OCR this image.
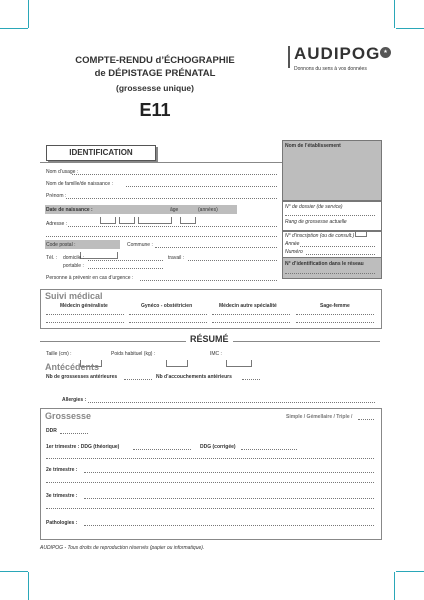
COMPTE-RENDU d’ÉCHOGRAPHIE
de DÉPISTAGE PRÉNATAL
(grossesse unique)
E11
AUDIPOG ★
Donnons du sens à vos données
IDENTIFICATION
Nom d’usage :
Nom de famille/de naissance :
Prénom :
Date de naissance :	âge	(années)
Adresse :
Code postal :	Commune :
Tél. : domicile :	travail :
portable :
Personne à prévenir en cas d’urgence :
Nom de l’établissement
N° de dossier (de service)
Rang de grossesse actuelle
N° d’inscription (ou de consult.)
Année
Numéro
N° d’identification dans le réseau
Suivi médical
Médecin généraliste	Gynéco - obstétricien	Médecin autre spécialité	Sage-femme
RÉSUMÉ
Taille (cm) :	Poids habituel (kg) :	IMC :
Antécédents
Nb de grossesses antérieures	Nb d’accouchements antérieurs
Allergies :
Grossesse	Simple / Gémellaire / Triple /
DDR
1er trimestre : DDG (théorique)	DDG (corrigée)
2e trimestre :
3e trimestre :
Pathologies :
AUDIPOG - Tous droits de reproduction réservés (papier ou informatique).
